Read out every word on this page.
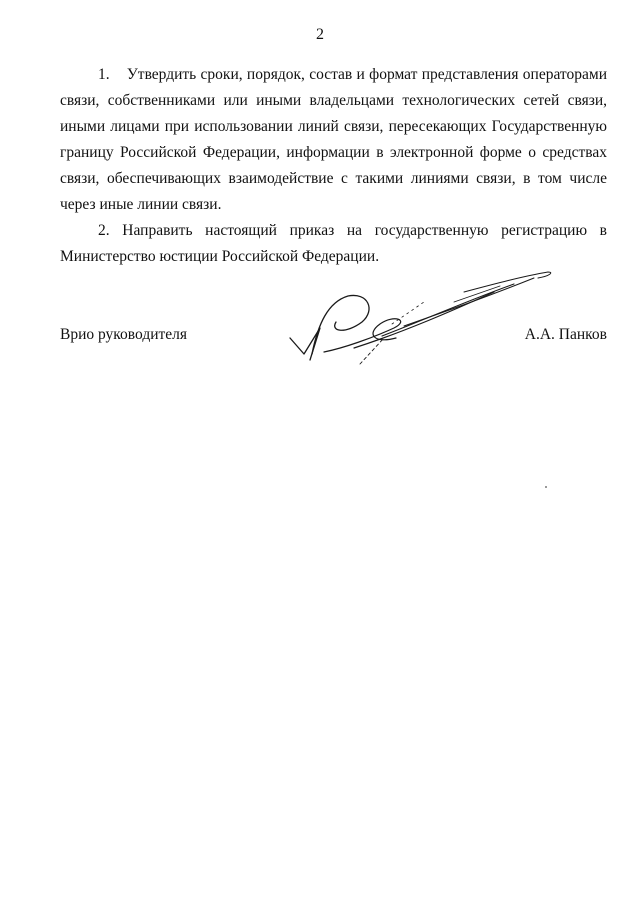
2

1.    Утвердить сроки, порядок, состав и формат представления операторами связи, собственниками или иными владельцами технологических сетей связи, иными лицами при использовании линий связи, пересекающих Государственную границу Российской Федерации, информации в электронной форме о средствах связи, обеспечивающих взаимодействие с такими линиями связи, в том числе через иные линии связи.

2. Направить настоящий приказ на государственную регистрацию в Министерство юстиции Российской Федерации.

Врио руководителя	А.А. Панков
